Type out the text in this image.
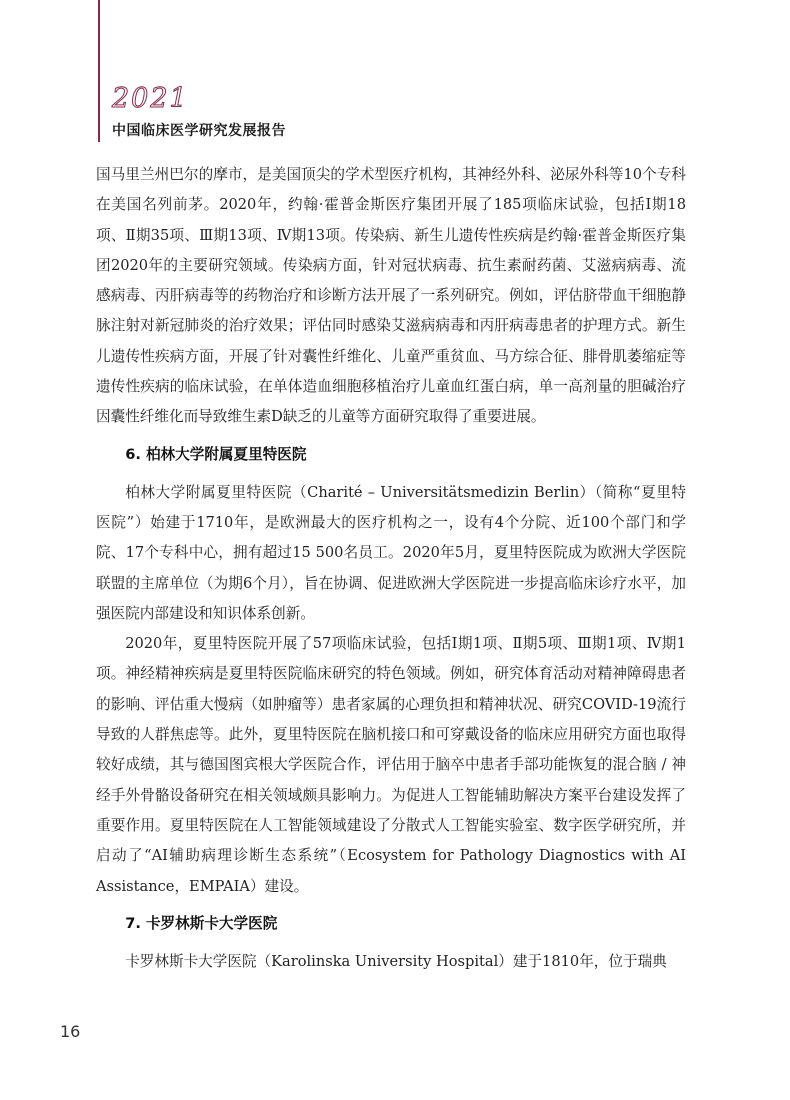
2021
中国临床医学研究发展报告

国马里兰州巴尔的摩市，是美国顶尖的学术型医疗机构，其神经外科、泌尿外科等10个专科在美国名列前茅。2020年，约翰·霍普金斯医疗集团开展了185项临床试验，包括Ⅰ期18项、Ⅱ期35项、Ⅲ期13项、Ⅳ期13项。传染病、新生儿遗传性疾病是约翰·霍普金斯医疗集团2020年的主要研究领域。传染病方面，针对冠状病毒、抗生素耐药菌、艾滋病病毒、流感病毒、丙肝病毒等的药物治疗和诊断方法开展了一系列研究。例如，评估脐带血干细胞静脉注射对新冠肺炎的治疗效果；评估同时感染艾滋病病毒和丙肝病毒患者的护理方式。新生儿遗传性疾病方面，开展了针对囊性纤维化、儿童严重贫血、马方综合征、腓骨肌萎缩症等遗传性疾病的临床试验，在单体造血细胞移植治疗儿童血红蛋白病，单一高剂量的胆碱治疗因囊性纤维化而导致维生素D缺乏的儿童等方面研究取得了重要进展。

6. 柏林大学附属夏里特医院

柏林大学附属夏里特医院（Charité – Universitätsmedizin Berlin）（简称“夏里特医院”）始建于1710年，是欧洲最大的医疗机构之一，设有4个分院、近100个部门和学院、17个专科中心，拥有超过15 500名员工。2020年5月，夏里特医院成为欧洲大学医院联盟的主席单位（为期6个月），旨在协调、促进欧洲大学医院进一步提高临床诊疗水平，加强医院内部建设和知识体系创新。

2020年，夏里特医院开展了57项临床试验，包括Ⅰ期1项、Ⅱ期5项、Ⅲ期1项、Ⅳ期1项。神经精神疾病是夏里特医院临床研究的特色领域。例如，研究体育活动对精神障碍患者的影响、评估重大慢病（如肿瘤等）患者家属的心理负担和精神状况、研究COVID-19流行导致的人群焦虑等。此外，夏里特医院在脑机接口和可穿戴设备的临床应用研究方面也取得较好成绩，其与德国图宾根大学医院合作，评估用于脑卒中患者手部功能恢复的混合脑 / 神经手外骨骼设备研究在相关领域颇具影响力。为促进人工智能辅助解决方案平台建设发挥了重要作用。夏里特医院在人工智能领域建设了分散式人工智能实验室、数字医学研究所，并启动了“AI辅助病理诊断生态系统”（Ecosystem for Pathology Diagnostics with AI Assistance，EMPAIA）建设。

7. 卡罗林斯卡大学医院

卡罗林斯卡大学医院（Karolinska University Hospital）建于1810年，位于瑞典

16
